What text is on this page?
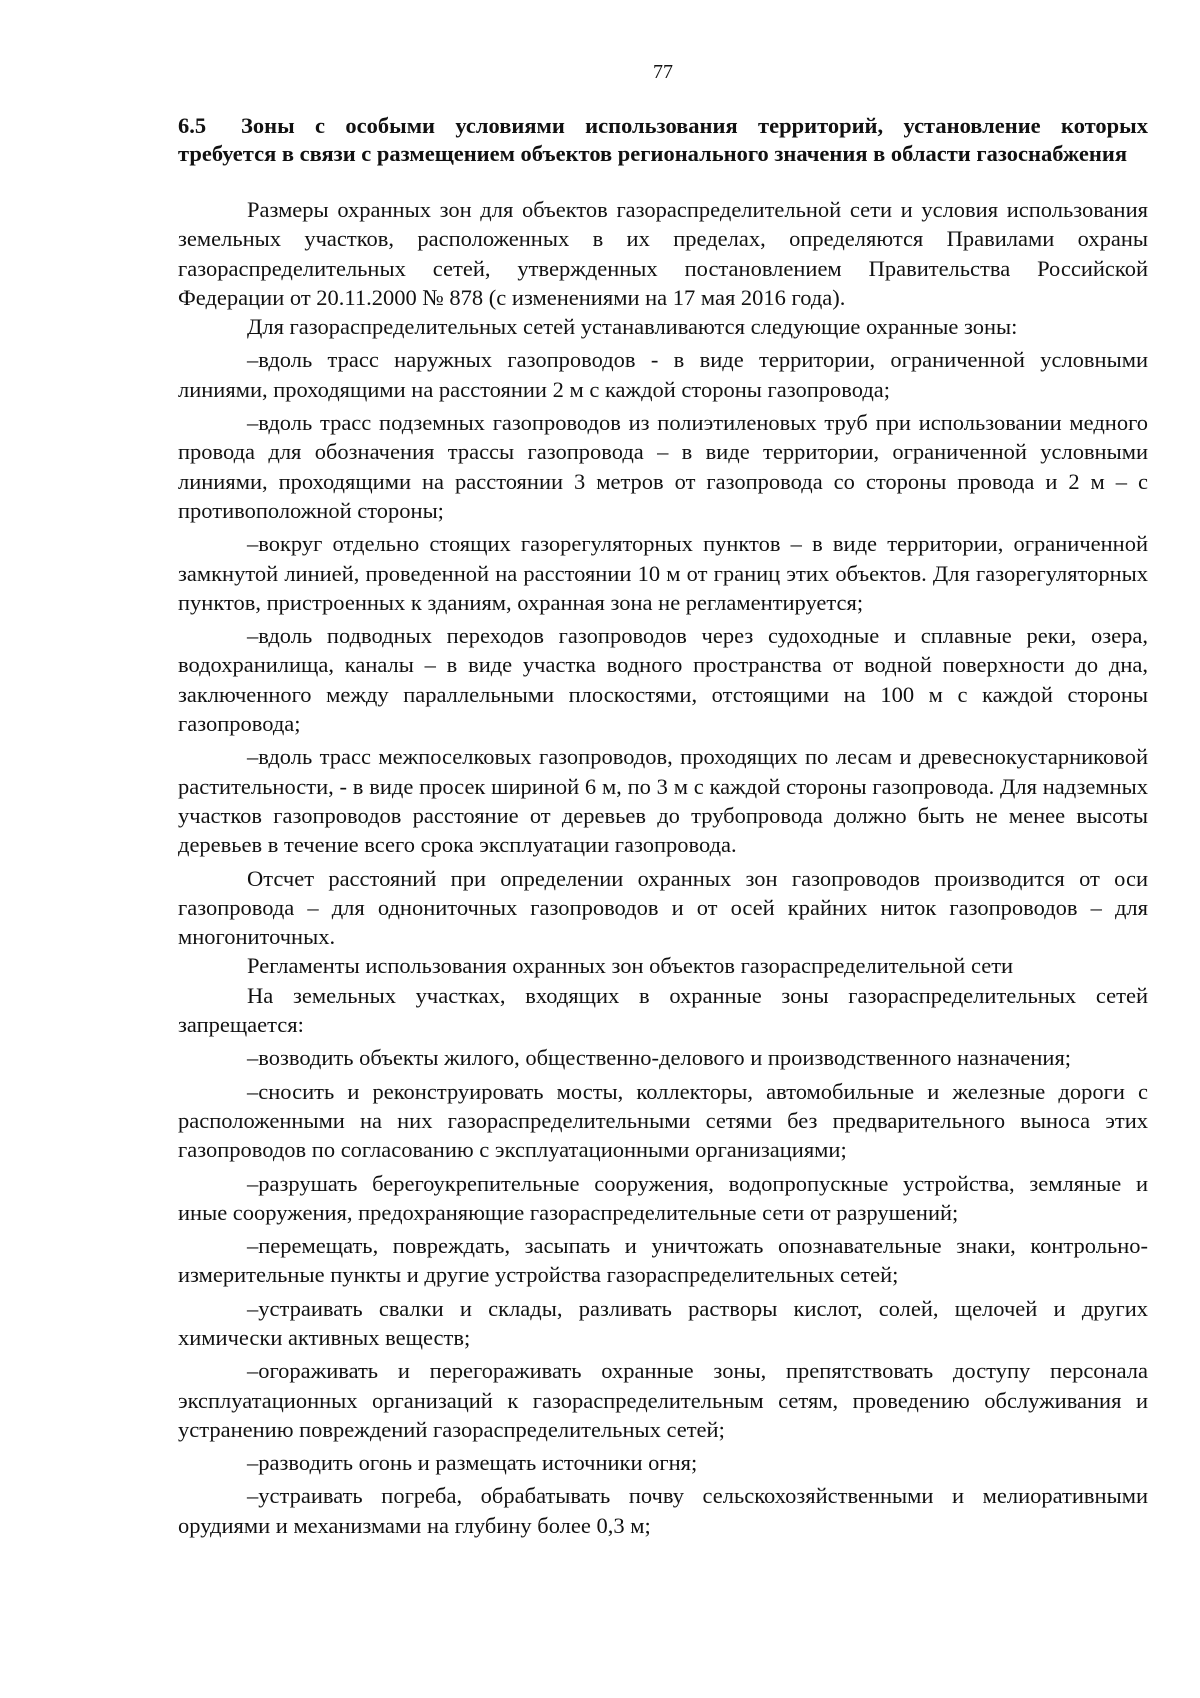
77
6.5 Зоны с особыми условиями использования территорий, установление которых требуется в связи с размещением объектов регионального значения в области газоснабжения

Размеры охранных зон для объектов газораспределительной сети и условия использования земельных участков, расположенных в их пределах, определяются Правилами охраны газораспределительных сетей, утвержденных постановлением Правительства Российской Федерации от 20.11.2000 № 878 (с изменениями на 17 мая 2016 года).

Для газораспределительных сетей устанавливаются следующие охранные зоны:

–вдоль трасс наружных газопроводов - в виде территории, ограниченной условными линиями, проходящими на расстоянии 2 м с каждой стороны газопровода;

–вдоль трасс подземных газопроводов из полиэтиленовых труб при использовании медного провода для обозначения трассы газопровода – в виде территории, ограниченной условными линиями, проходящими на расстоянии 3 метров от газопровода со стороны провода и 2 м – с противоположной стороны;

–вокруг отдельно стоящих газорегуляторных пунктов – в виде территории, ограниченной замкнутой линией, проведенной на расстоянии 10 м от границ этих объектов. Для газорегуляторных пунктов, пристроенных к зданиям, охранная зона не регламентируется;

–вдоль подводных переходов газопроводов через судоходные и сплавные реки, озера, водохранилища, каналы – в виде участка водного пространства от водной поверхности до дна, заключенного между параллельными плоскостями, отстоящими на 100 м с каждой стороны газопровода;

–вдоль трасс межпоселковых газопроводов, проходящих по лесам и древеснокустарниковой растительности, - в виде просек шириной 6 м, по 3 м с каждой стороны газопровода. Для надземных участков газопроводов расстояние от деревьев до трубопровода должно быть не менее высоты деревьев в течение всего срока эксплуатации газопровода.

Отсчет расстояний при определении охранных зон газопроводов производится от оси газопровода – для однониточных газопроводов и от осей крайних ниток газопроводов – для многониточных.

Регламенты использования охранных зон объектов газораспределительной сети

На земельных участках, входящих в охранные зоны газораспределительных сетей запрещается:

–возводить объекты жилого, общественно-делового и производственного назначения;

–сносить и реконструировать мосты, коллекторы, автомобильные и железные дороги с расположенными на них газораспределительными сетями без предварительного выноса этих газопроводов по согласованию с эксплуатационными организациями;

–разрушать берегоукрепительные сооружения, водопропускные устройства, земляные и иные сооружения, предохраняющие газораспределительные сети от разрушений;

–перемещать, повреждать, засыпать и уничтожать опознавательные знаки, контрольно-измерительные пункты и другие устройства газораспределительных сетей;

–устраивать свалки и склады, разливать растворы кислот, солей, щелочей и других химически активных веществ;

–огораживать и перегораживать охранные зоны, препятствовать доступу персонала эксплуатационных организаций к газораспределительным сетям, проведению обслуживания и устранению повреждений газораспределительных сетей;

–разводить огонь и размещать источники огня;

–устраивать погреба, обрабатывать почву сельскохозяйственными и мелиоративными орудиями и механизмами на глубину более 0,3 м;
